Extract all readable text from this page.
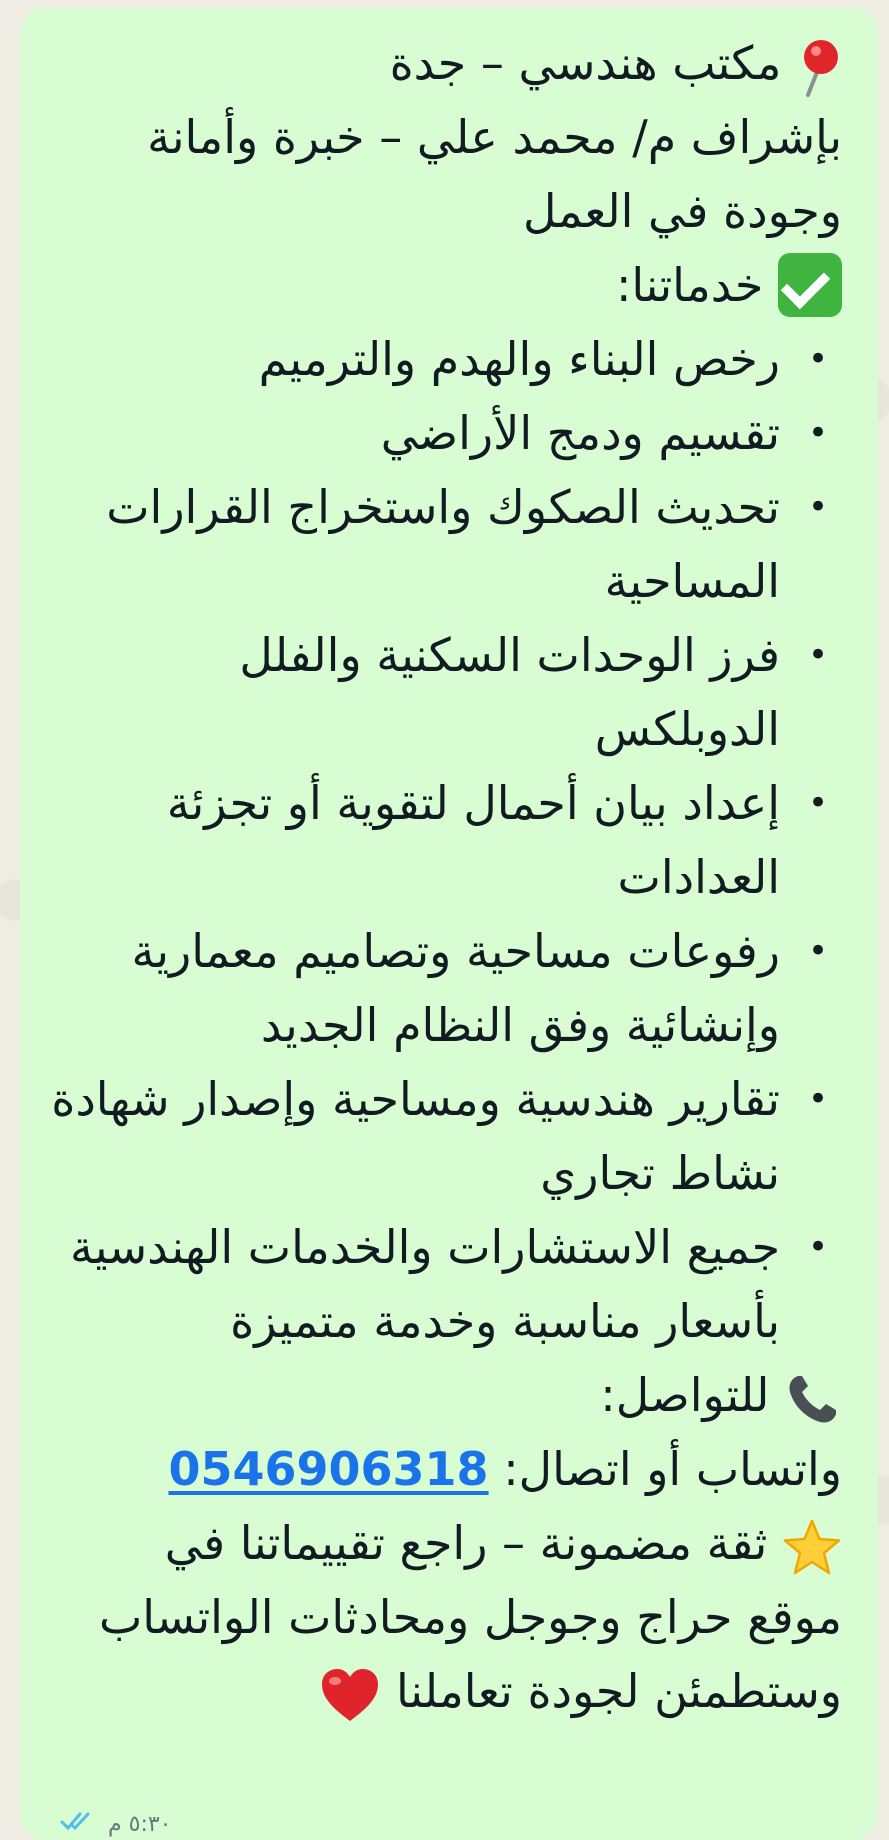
مكتب هندسي – جدة
بإشراف م/ محمد علي – خبرة وأمانة
وجودة في العمل
خدماتنا:
•
رخص البناء والهدم والترميم
•
تقسيم ودمج الأراضي
•
تحديث الصكوك واستخراج القرارات
المساحية
•
فرز الوحدات السكنية والفلل
الدوبلكس
•
إعداد بيان أحمال لتقوية أو تجزئة
العدادات
•
رفوعات مساحية وتصاميم معمارية
وإنشائية وفق النظام الجديد
•
تقارير هندسية ومساحية وإصدار شهادة
نشاط تجاري
•
جميع الاستشارات والخدمات الهندسية
بأسعار مناسبة وخدمة متميزة
للتواصل:
واتساب أو اتصال: 0546906318
ثقة مضمونة – راجع تقييماتنا في
موقع حراج وجوجل ومحادثات الواتساب
وستطمئن لجودة تعاملنا
٥:٣٠ م
